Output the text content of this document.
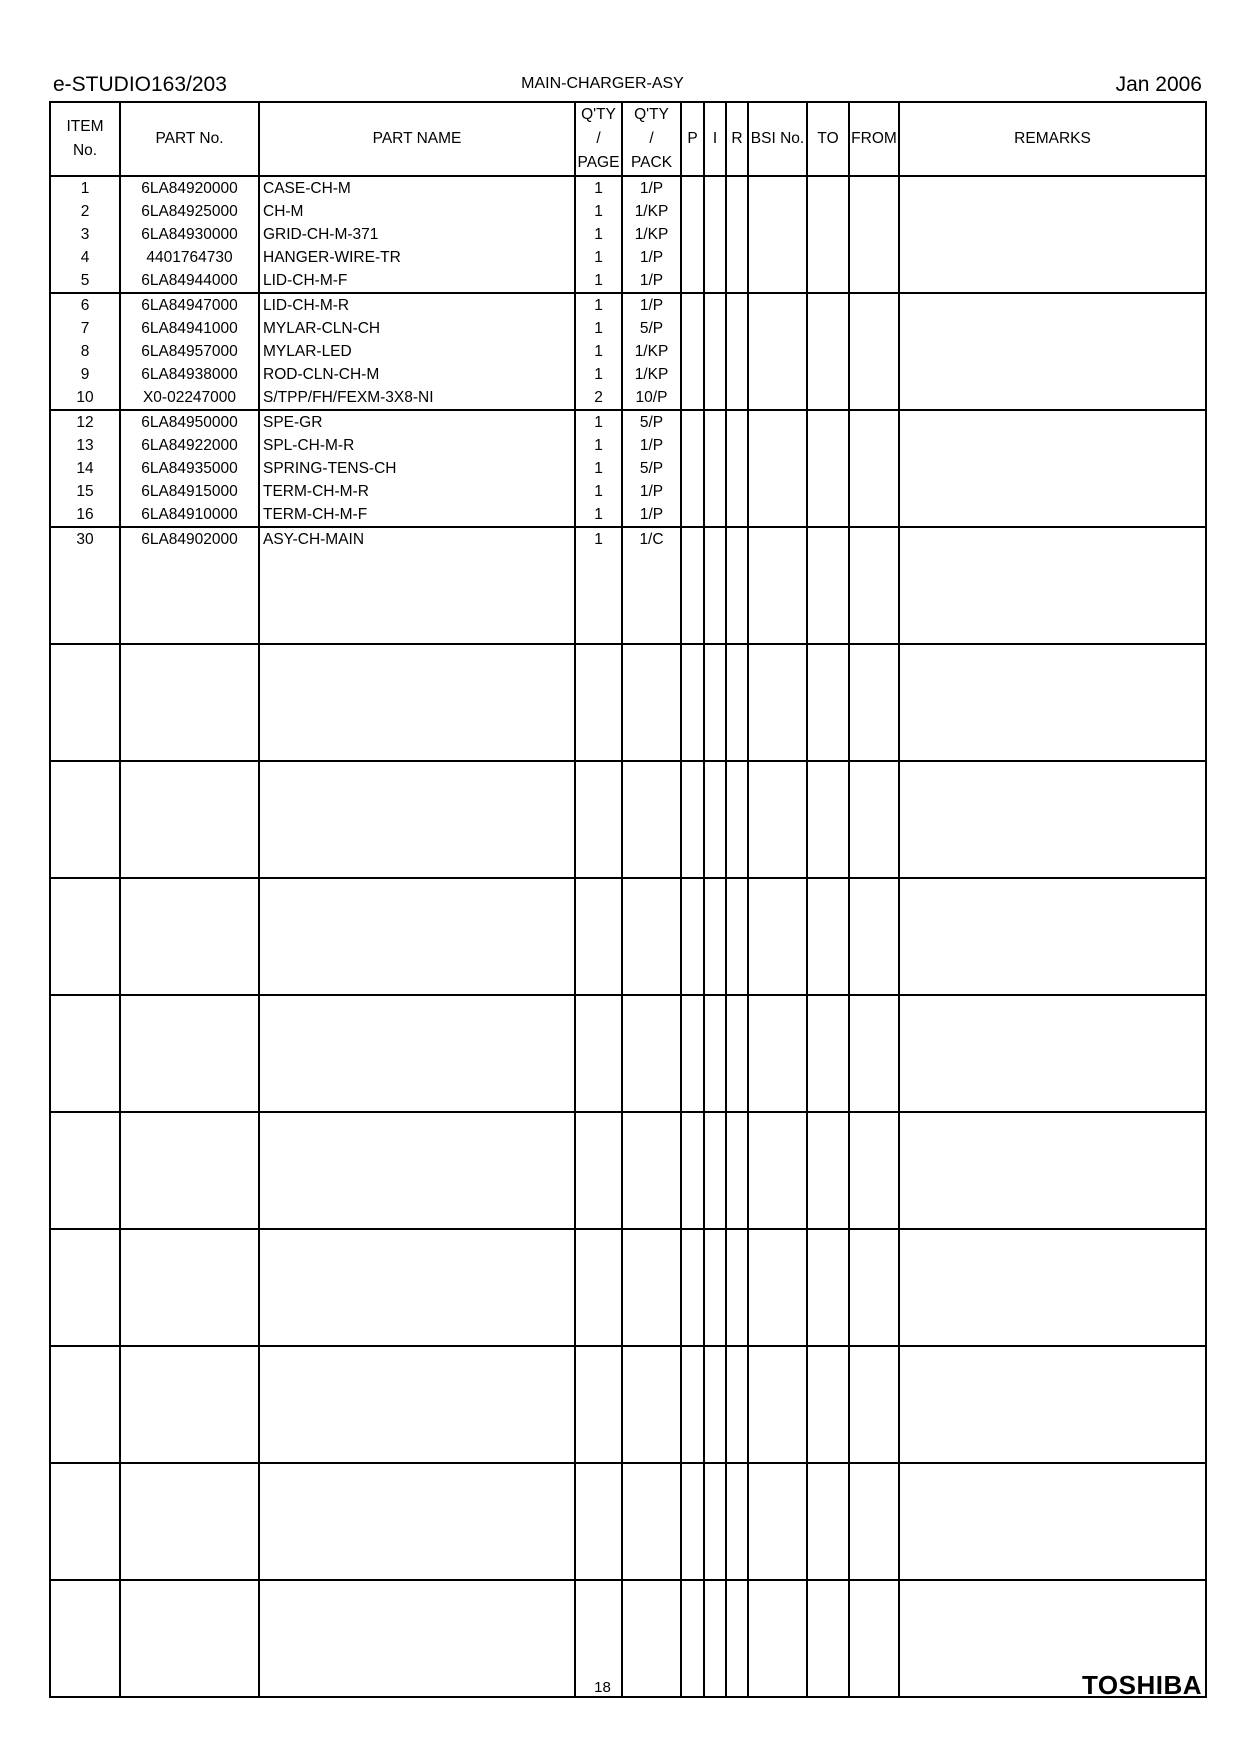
e-STUDIO163/203	MAIN-CHARGER-ASY	Jan 2006
ITEM
No.	PART No.	PART NAME	Q'TY
/
PAGE	Q'TY
/
PACK	P	I	R	BSI No.	TO	FROM	REMARKS
1	6LA84920000	CASE-CH-M	1	1/P							
2	6LA84925000	CH-M	1	1/KP							
3	6LA84930000	GRID-CH-M-371	1	1/KP							
4	4401764730	HANGER-WIRE-TR	1	1/P							
5	6LA84944000	LID-CH-M-F	1	1/P							
6	6LA84947000	LID-CH-M-R	1	1/P							
7	6LA84941000	MYLAR-CLN-CH	1	5/P							
8	6LA84957000	MYLAR-LED	1	1/KP							
9	6LA84938000	ROD-CLN-CH-M	1	1/KP							
10	X0-02247000	S/TPP/FH/FEXM-3X8-NI	2	10/P							
12	6LA84950000	SPE-GR	1	5/P							
13	6LA84922000	SPL-CH-M-R	1	1/P							
14	6LA84935000	SPRING-TENS-CH	1	5/P							
15	6LA84915000	TERM-CH-M-R	1	1/P							
16	6LA84910000	TERM-CH-M-F	1	1/P							
30	6LA84902000	ASY-CH-MAIN	1	1/C							

18	TOSHIBA
